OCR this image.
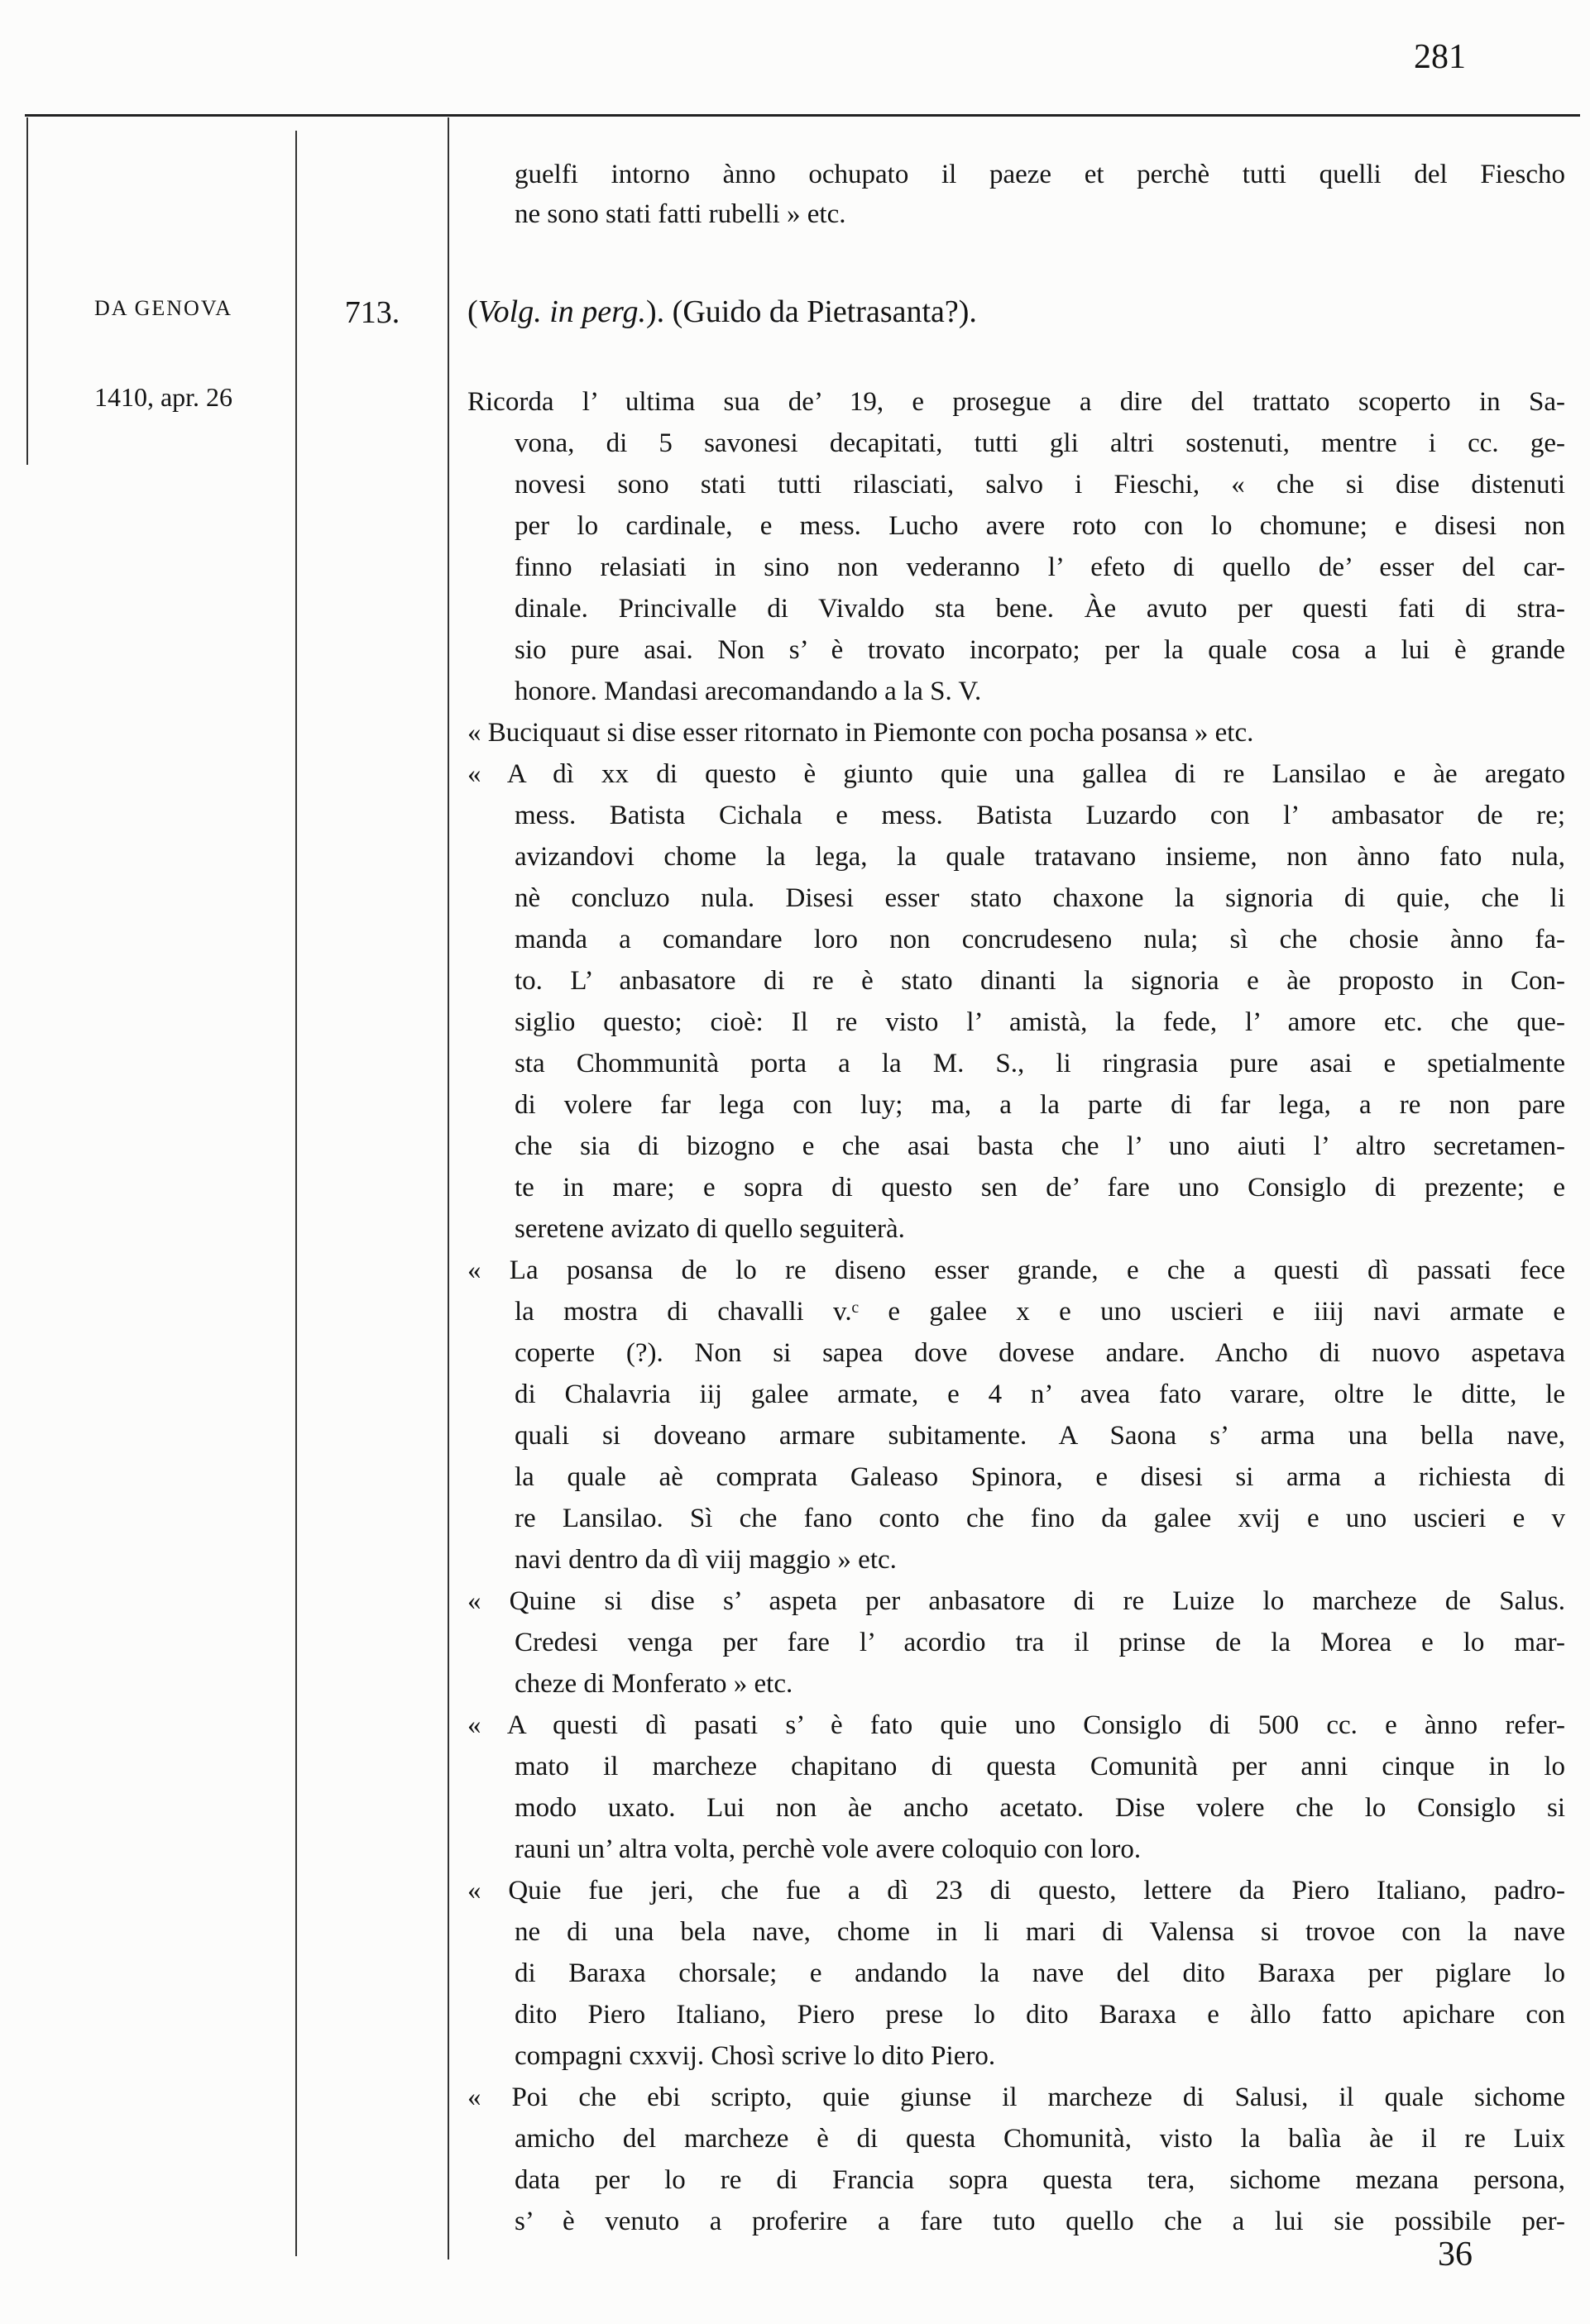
281
DA GENOVA
1410, apr. 26
713.	(Volg. in perg.). (Guido da Pietrasanta?).
guelfi intorno ànno ochupato il paeze et perchè tutti quelli del Fiescho
ne sono stati fatti rubelli » etc.
Ricorda l’ ultima sua de’ 19, e prosegue a dire del trattato scoperto in Sa-
vona, di 5 savonesi decapitati, tutti gli altri sostenuti, mentre i cc. ge-
novesi sono stati tutti rilasciati, salvo i Fieschi, « che si dise distenuti
per lo cardinale, e mess. Lucho avere roto con lo chomune; e disesi non
finno relasiati in sino non vederanno l’ efeto di quello de’ esser del car-
dinale. Princivalle di Vivaldo sta bene. Àe avuto per questi fati di stra-
sio pure asai. Non s’ è trovato incorpato; per la quale cosa a lui è grande
honore. Mandasi arecomandando a la S. V.
« Buciquaut si dise esser ritornato in Piemonte con pocha posansa » etc.
« A dì xx di questo è giunto quie una gallea di re Lansilao e àe aregato
mess. Batista Cichala e mess. Batista Luzardo con l’ ambasator de re;
avizandovi chome la lega, la quale tratavano insieme, non ànno fato nula,
nè concluzo nula. Disesi esser stato chaxone la signoria di quie, che li
manda a comandare loro non concrudeseno nula; sì che chosie ànno fa-
to. L’ anbasatore di re è stato dinanti la signoria e àe proposto in Con-
siglio questo; cioè: Il re visto l’ amistà, la fede, l’ amore etc. che que-
sta Chommunità porta a la M. S., li ringrasia pure asai e spetialmente
di volere far lega con luy; ma, a la parte di far lega, a re non pare
che sia di bizogno e che asai basta che l’ uno aiuti l’ altro secretamen-
te in mare; e sopra di questo sen de’ fare uno Consiglo di prezente; e
seretene avizato di quello seguiterà.
« La posansa de lo re diseno esser grande, e che a questi dì passati fece
la mostra di chavalli v.ᶜ e galee x e uno uscieri e iiij navi armate e
coperte (?). Non si sapea dove dovese andare. Ancho di nuovo aspetava
di Chalavria iij galee armate, e 4 n’ avea fato varare, oltre le ditte, le
quali si doveano armare subitamente. A Saona s’ arma una bella nave,
la quale aè comprata Galeaso Spinora, e disesi si arma a richiesta di
re Lansilao. Sì che fano conto che fino da galee xvij e uno uscieri e v
navi dentro da dì viij maggio » etc.
« Quine si dise s’ aspeta per anbasatore di re Luize lo marcheze de Salus.
Credesi venga per fare l’ acordio tra il prinse de la Morea e lo mar-
cheze di Monferato » etc.
« A questi dì pasati s’ è fato quie uno Consiglo di 500 cc. e ànno refer-
mato il marcheze chapitano di questa Comunità per anni cinque in lo
modo uxato. Lui non àe ancho acetato. Dise volere che lo Consiglo si
rauni un’ altra volta, perchè vole avere coloquio con loro.
« Quie fue jeri, che fue a dì 23 di questo, lettere da Piero Italiano, padro-
ne di una bela nave, chome in li mari di Valensa si trovoe con la nave
di Baraxa chorsale; e andando la nave del dito Baraxa per piglare lo
dito Piero Italiano, Piero prese lo dito Baraxa e àllo fatto apichare con
compagni cxxvij. Chosì scrive lo dito Piero.
« Poi che ebi scripto, quie giunse il marcheze di Salusi, il quale sichome
amicho del marcheze è di questa Chomunità, visto la balìa àe il re Luix
data per lo re di Francia sopra questa tera, sichome mezana persona,
s’ è venuto a proferire a fare tuto quello che a lui sie possibile per-
36
